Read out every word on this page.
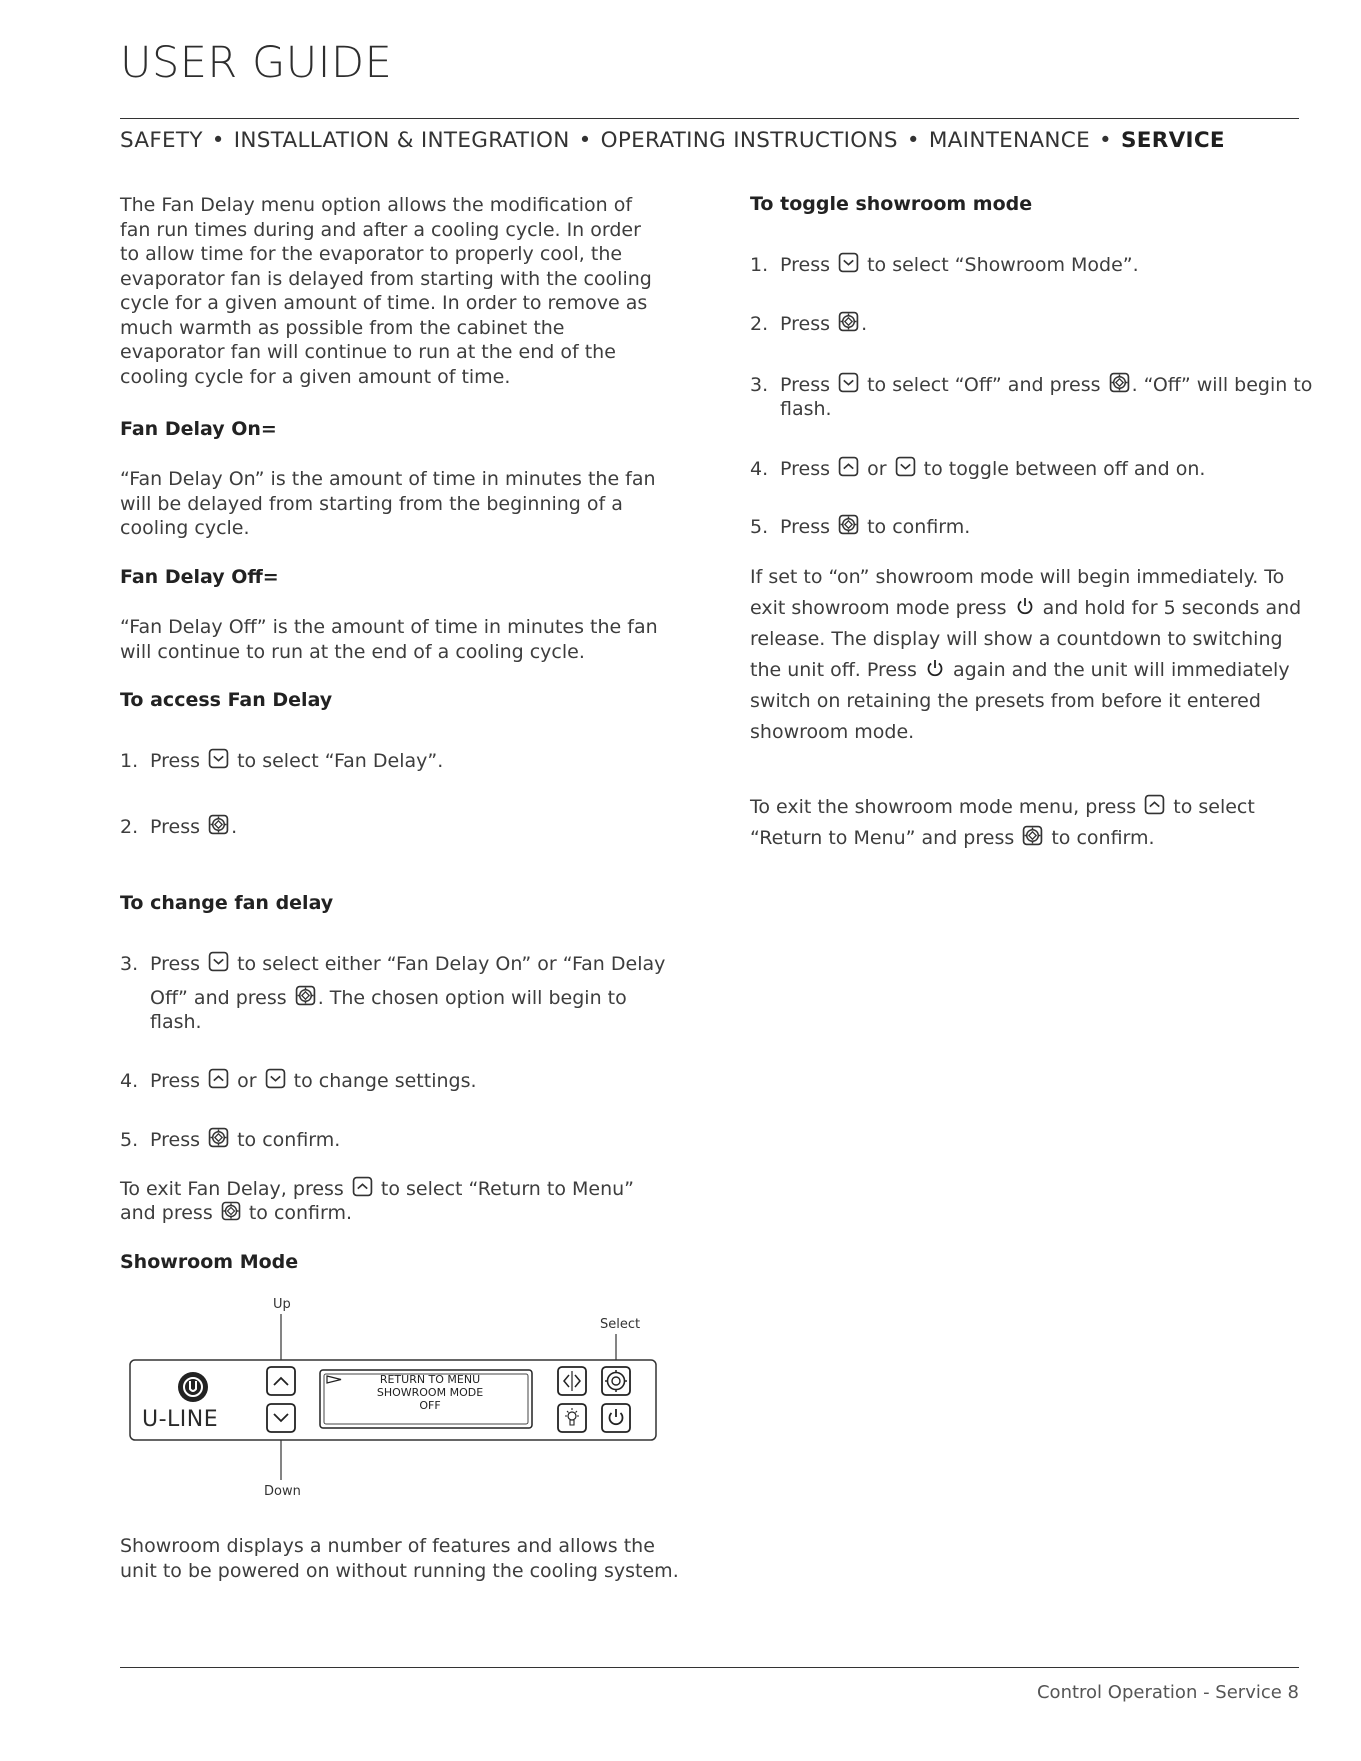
USER GUIDE
SAFETY • INSTALLATION & INTEGRATION • OPERATING INSTRUCTIONS • MAINTENANCE • SERVICE
The Fan Delay menu option allows the modification of fan run times during and after a cooling cycle. In order to allow time for the evaporator to properly cool, the evaporator fan is delayed from starting with the cooling cycle for a given amount of time. In order to remove as much warmth as possible from the cabinet the evaporator fan will continue to run at the end of the cooling cycle for a given amount of time.
Fan Delay On=
“Fan Delay On” is the amount of time in minutes the fan will be delayed from starting from the beginning of a cooling cycle.
Fan Delay Off=
“Fan Delay Off” is the amount of time in minutes the fan will continue to run at the end of a cooling cycle.
To access Fan Delay
1. Press to select “Fan Delay”.
2. Press .
To change fan delay
3. Press to select either “Fan Delay On” or “Fan Delay
Off” and press . The chosen option will begin to
flash.
4. Press or to change settings.
5. Press to confirm.
To exit Fan Delay, press to select “Return to Menu”
and press to confirm.
Showroom Mode
Up
Select
Down
U-LINE
RETURN TO MENU
SHOWROOM MODE
OFF
Showroom displays a number of features and allows the unit to be powered on without running the cooling system.
To toggle showroom mode
1. Press to select “Showroom Mode”.
2. Press .
3. Press to select “Off” and press . “Off” will begin to
flash.
4. Press or to toggle between off and on.
5. Press to confirm.
If set to “on” showroom mode will begin immediately. To
exit showroom mode press and hold for 5 seconds and
release. The display will show a countdown to switching
the unit off. Press again and the unit will immediately
switch on retaining the presets from before it entered
showroom mode.
To exit the showroom mode menu, press to select
“Return to Menu” and press to confirm.
Control Operation - Service 8
